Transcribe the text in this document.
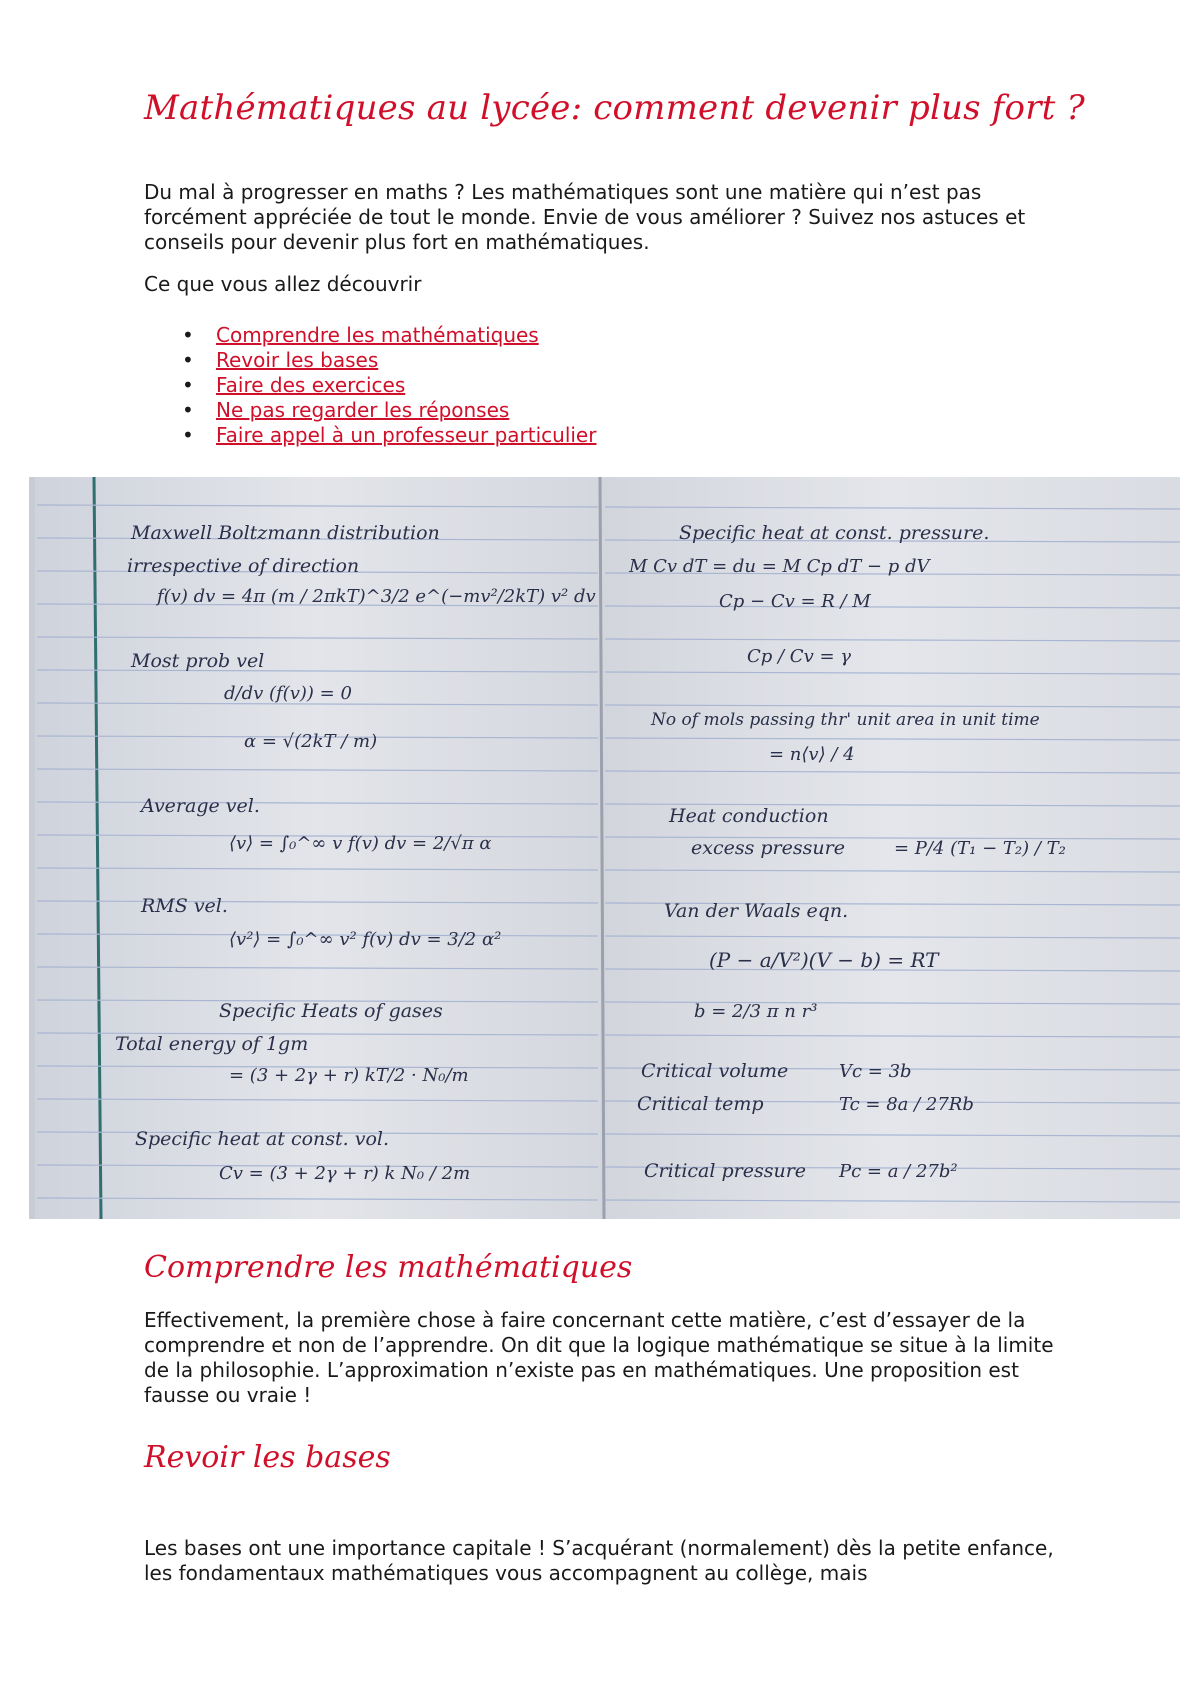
Mathématiques au lycée: comment devenir plus fort ?

Du mal à progresser en maths ? Les mathématiques sont une matière qui n’est pas forcément appréciée de tout le monde. Envie de vous améliorer ? Suivez nos astuces et conseils pour devenir plus fort en mathématiques.

Ce que vous allez découvrir

• Comprendre les mathématiques
• Revoir les bases
• Faire des exercices
• Ne pas regarder les réponses
• Faire appel à un professeur particulier
Maxwell Boltzmann distribution
irrespective of direction
f(v) dv = 4π (m / 2πkT)^3/2 e^(−mv²/2kT) v² dv
Most prob vel
d/dv (f(v)) = 0
α = √(2kT / m)
Average vel.
⟨v⟩ = ∫₀^∞ v f(v) dv = 2/√π α
RMS vel.
⟨v²⟩ = ∫₀^∞ v² f(v) dv = 3/2 α²
Specific Heats of gases
Total energy of 1gm
= (3 + 2γ + r) kT/2 · N₀/m
Specific heat at const. vol.
Cv = (3 + 2γ + r) k N₀ / 2m
Specific heat at const. pressure.
M Cv dT = du = M Cp dT − p dV
Cp − Cv = R / M
Cp / Cv = γ
No of mols passing thr' unit area in unit time
= n⟨v⟩ / 4
Heat conduction
excess pressure	= P/4 (T₁ − T₂) / T₂
Van der Waals eqn.
(P − a/V²)(V − b) = RT
b = 2/3 π n r³
Critical volume	Vc = 3b
Critical temp	Tc = 8a / 27Rb
Critical pressure Pc = a / 27b²
Comprendre les mathématiques

Effectivement, la première chose à faire concernant cette matière, c’est d’essayer de la comprendre et non de l’apprendre. On dit que la logique mathématique se situe à la limite de la philosophie. L’approximation n’existe pas en mathématiques. Une proposition est fausse ou vraie !

Revoir les bases

Les bases ont une importance capitale ! S’acquérant (normalement) dès la petite enfance, les fondamentaux mathématiques vous accompagnent au collège, mais
